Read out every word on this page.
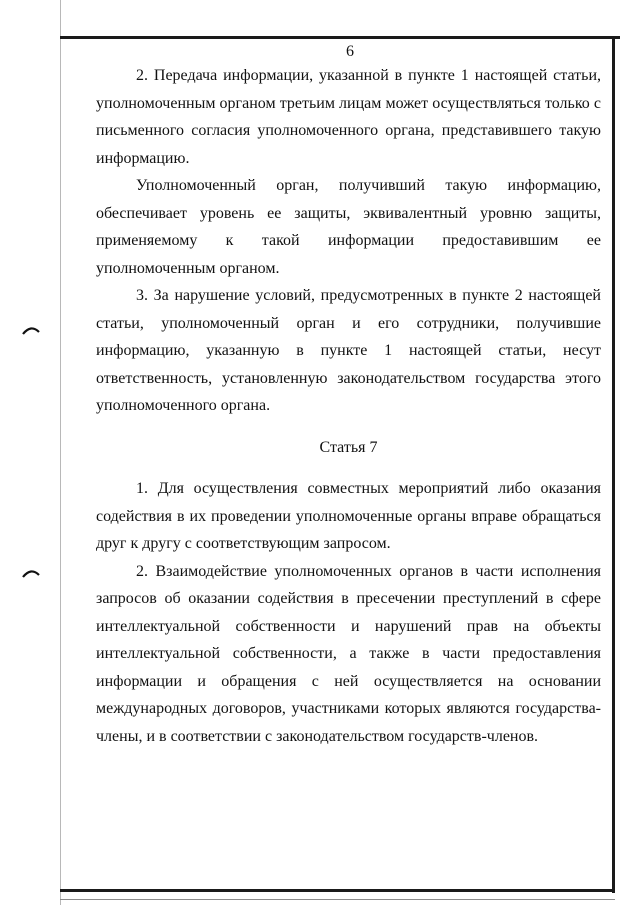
6

2. Передача информации, указанной в пункте 1 настоящей статьи, уполномоченным органом третьим лицам может осуществляться только с письменного согласия уполномоченного органа, представившего такую информацию.

Уполномоченный орган, получивший такую информацию, обеспечивает уровень ее защиты, эквивалентный уровню защиты, применяемому к такой информации предоставившим ее уполномоченным органом.

3. За нарушение условий, предусмотренных в пункте 2 настоящей статьи, уполномоченный орган и его сотрудники, получившие информацию, указанную в пункте 1 настоящей статьи, несут ответственность, установленную законодательством государства этого уполномоченного органа.

Статья 7

1. Для осуществления совместных мероприятий либо оказания содействия в их проведении уполномоченные органы вправе обращаться друг к другу с соответствующим запросом.

2. Взаимодействие уполномоченных органов в части исполнения запросов об оказании содействия в пресечении преступлений в сфере интеллектуальной собственности и нарушений прав на объекты интеллектуальной собственности, а также в части предоставления информации и обращения с ней осуществляется на основании международных договоров, участниками которых являются государства-члены, и в соответствии с законодательством государств-членов.
